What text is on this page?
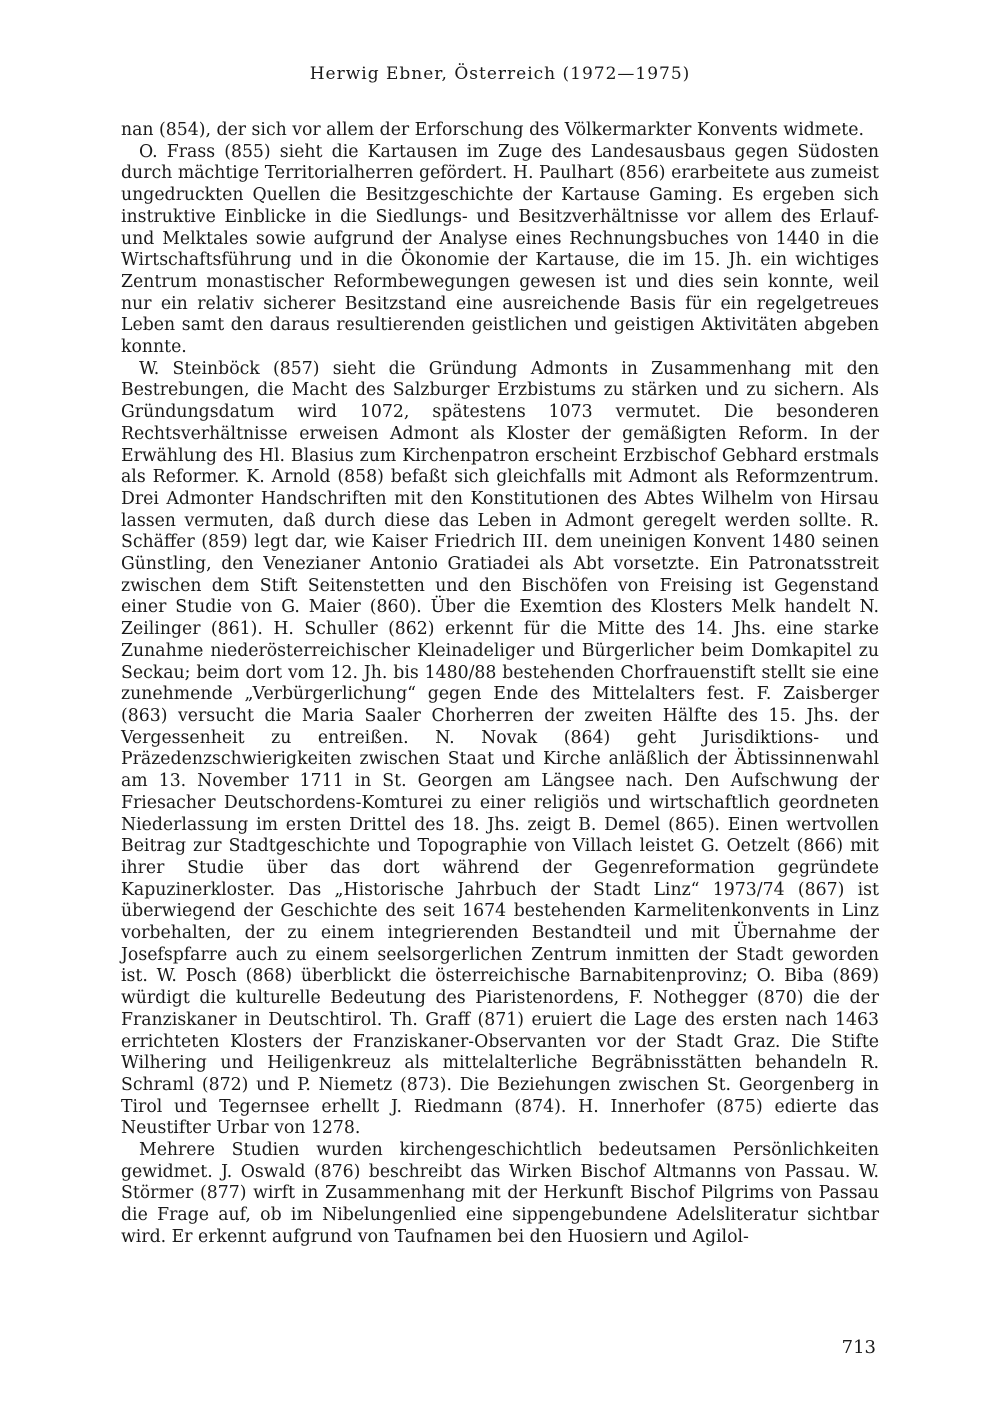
Herwig Ebner, Österreich (1972—1975)

nan (854), der sich vor allem der Erforschung des Völkermarkter Konvents widmete.

O. Frass (855) sieht die Kartausen im Zuge des Landesausbaus gegen Südosten durch mächtige Territorialherren gefördert. H. Paulhart (856) erarbeitete aus zumeist ungedruckten Quellen die Besitzgeschichte der Kartause Gaming. Es ergeben sich instruktive Einblicke in die Siedlungs- und Besitzverhältnisse vor allem des Erlauf- und Melktales sowie aufgrund der Analyse eines Rechnungsbuches von 1440 in die Wirtschaftsführung und in die Ökonomie der Kartause, die im 15. Jh. ein wichtiges Zentrum monastischer Reformbewegungen gewesen ist und dies sein konnte, weil nur ein relativ sicherer Besitzstand eine ausreichende Basis für ein regelgetreues Leben samt den daraus resultierenden geistlichen und geistigen Aktivitäten abgeben konnte.

W. Steinböck (857) sieht die Gründung Admonts in Zusammenhang mit den Bestrebungen, die Macht des Salzburger Erzbistums zu stärken und zu sichern. Als Gründungsdatum wird 1072, spätestens 1073 vermutet. Die besonderen Rechtsverhältnisse erweisen Admont als Kloster der gemäßigten Reform. In der Erwählung des Hl. Blasius zum Kirchenpatron erscheint Erzbischof Gebhard erstmals als Reformer. K. Arnold (858) befaßt sich gleichfalls mit Admont als Reformzentrum. Drei Admonter Handschriften mit den Konstitutionen des Abtes Wilhelm von Hirsau lassen vermuten, daß durch diese das Leben in Admont geregelt werden sollte. R. Schäffer (859) legt dar, wie Kaiser Friedrich III. dem uneinigen Konvent 1480 seinen Günstling, den Venezianer Antonio Gratiadei als Abt vorsetzte. Ein Patronatsstreit zwischen dem Stift Seitenstetten und den Bischöfen von Freising ist Gegenstand einer Studie von G. Maier (860). Über die Exemtion des Klosters Melk handelt N. Zeilinger (861). H. Schuller (862) erkennt für die Mitte des 14. Jhs. eine starke Zunahme niederösterreichischer Kleinadeliger und Bürgerlicher beim Domkapitel zu Seckau; beim dort vom 12. Jh. bis 1480/88 bestehenden Chorfrauenstift stellt sie eine zunehmende „Verbürgerlichung“ gegen Ende des Mittelalters fest. F. Zaisberger (863) versucht die Maria Saaler Chorherren der zweiten Hälfte des 15. Jhs. der Vergessenheit zu entreißen. N. Novak (864) geht Jurisdiktions- und Präzedenzschwierigkeiten zwischen Staat und Kirche anläßlich der Äbtissinnenwahl am 13. November 1711 in St. Georgen am Längsee nach. Den Aufschwung der Friesacher Deutschordens-Komturei zu einer religiös und wirtschaftlich geordneten Niederlassung im ersten Drittel des 18. Jhs. zeigt B. Demel (865). Einen wertvollen Beitrag zur Stadtgeschichte und Topographie von Villach leistet G. Oetzelt (866) mit ihrer Studie über das dort während der Gegenreformation gegründete Kapuzinerkloster. Das „Historische Jahrbuch der Stadt Linz“ 1973/74 (867) ist überwiegend der Geschichte des seit 1674 bestehenden Karmelitenkonvents in Linz vorbehalten, der zu einem integrierenden Bestandteil und mit Übernahme der Josefspfarre auch zu einem seelsorgerlichen Zentrum inmitten der Stadt geworden ist. W. Posch (868) überblickt die österreichische Barnabitenprovinz; O. Biba (869) würdigt die kulturelle Bedeutung des Piaristenordens, F. Nothegger (870) die der Franziskaner in Deutschtirol. Th. Graff (871) eruiert die Lage des ersten nach 1463 errichteten Klosters der Franziskaner-Observanten vor der Stadt Graz. Die Stifte Wilhering und Heiligenkreuz als mittelalterliche Begräbnisstätten behandeln R. Schraml (872) und P. Niemetz (873). Die Beziehungen zwischen St. Georgenberg in Tirol und Tegernsee erhellt J. Riedmann (874). H. Innerhofer (875) edierte das Neustifter Urbar von 1278.

Mehrere Studien wurden kirchengeschichtlich bedeutsamen Persönlichkeiten gewidmet. J. Oswald (876) beschreibt das Wirken Bischof Altmanns von Passau. W. Störmer (877) wirft in Zusammenhang mit der Herkunft Bischof Pilgrims von Passau die Frage auf, ob im Nibelungenlied eine sippengebundene Adelsliteratur sichtbar wird. Er erkennt aufgrund von Taufnamen bei den Huosiern und Agilol-

713
